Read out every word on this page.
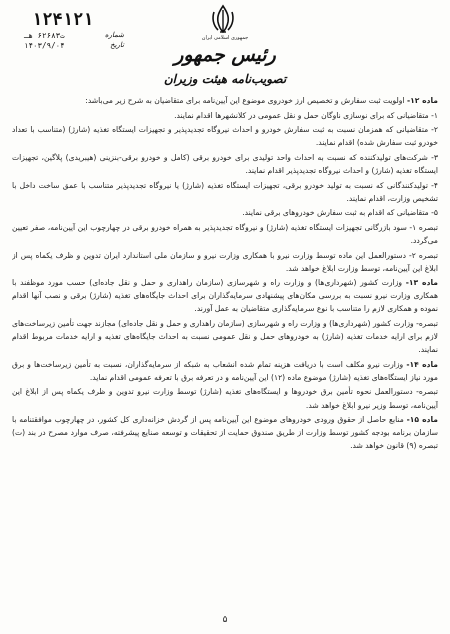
جمهوری اسلامی ایران
رئیس جمهور
تصویب‌نامه هیئت وزیران
۱۲۴۱۲۱
ت۶۲۶۸۳ هـ	شماره
۱۴۰۳/۹/۰۴	تاریخ

ماده ۱۲- اولویت ثبت سفارش و تخصیص ارز خودروی موضوع این آیین‌نامه برای متقاضیان به شرح زیر می‌باشد:

۱- متقاضیانی که برای نوسازی ناوگان حمل و نقل عمومی در کلانشهرها اقدام نمایند.

۲- متقاضیانی که همزمان نسبت به ثبت سفارش خودرو و احداث نیروگاه تجدیدپذیر و تجهیزات ایستگاه تغذیه (شارژ) (متناسب با تعداد خودرو ثبت سفارش شده) اقدام نمایند.

۳- شرکت‌های تولیدکننده که نسبت به احداث واحد تولیدی برای خودرو برقی (کامل و خودرو برقی-بنزینی (هیبریدی) پلاگین، تجهیزات ایستگاه تغذیه (شارژ) و احداث نیروگاه تجدیدپذیر اقدام نمایند.

۴- تولیدکنندگانی که نسبت به تولید خودرو برقی، تجهیزات ایستگاه تغذیه (شارژ) یا نیروگاه تجدیدپذیر متناسب با عمق ساخت داخل با تشخیص وزارت، اقدام نمایند.

۵- متقاضیانی که اقدام به ثبت سفارش خودروهای برقی نمایند.

تبصره ۱- سود بازرگانی تجهیزات ایستگاه تغذیه (شارژ) و نیروگاه تجدیدپذیر به همراه خودرو برقی در چهارچوب این آیین‌نامه، صفر تعیین می‌گردد.

تبصره ۲- دستورالعمل این ماده توسط وزارت نیرو با همکاری وزارت نیرو و سازمان ملی استاندارد ایران تدوین و ظرف یکماه پس از ابلاغ این آیین‌نامه، توسط وزارت ابلاغ خواهد شد.

ماده ۱۳- وزارت کشور (شهرداری‌ها) و وزارت راه و شهرسازی (سازمان راهداری و حمل و نقل جاده‌ای) حسب مورد موظفند با همکاری وزارت نیرو نسبت به بررسی مکان‌های پیشنهادی سرمایه‌گذاران برای احداث جایگاه‌های تغذیه (شارژ) برقی و نصب آنها اقدام نموده و همکاری لازم را متناسب با نوع سرمایه‌گذاری متقاضیان به عمل آورند.

تبصره- وزارت کشور (شهرداری‌ها) و وزارت راه و شهرسازی (سازمان راهداری و حمل و نقل جاده‌ای) مجازند جهت تأمین زیرساخت‌های لازم برای ارایه خدمات تغذیه (شارژ) به خودروهای حمل و نقل عمومی نسبت به احداث جایگاه‌های تغذیه و ارایه خدمات مربوط اقدام نمایند.

ماده ۱۴- وزارت نیرو مکلف است با دریافت هزینه تمام شده انشعاب به شبکه از سرمایه‌گذاران، نسبت به تأمین زیرساخت‌ها و برق مورد نیاز ایستگاه‌های تغذیه (شارژ) موضوع ماده (۱۲) این آیین‌نامه و در تعرفه برق با تعرفه عمومی اقدام نماید.

تبصره- دستورالعمل نحوه تأمین برق خودروها و ایستگاه‌های تغذیه (شارژ) توسط وزارت نیرو تدوین و ظرف یکماه پس از ابلاغ این آیین‌نامه، توسط وزیر نیرو ابلاغ خواهد شد.

ماده ۱۵- منابع حاصل از حقوق ورودی خودروهای موضوع این آیین‌نامه پس از گردش خزانه‌داری کل کشور، در چهارچوب موافقتنامه با سازمان برنامه بودجه کشور توسط وزارت از طریق صندوق حمایت از تحقیقات و توسعه صنایع پیشرفته، صرف موارد مصرح در بند (ت) تبصره (۹) قانون خواهد شد.

۵
